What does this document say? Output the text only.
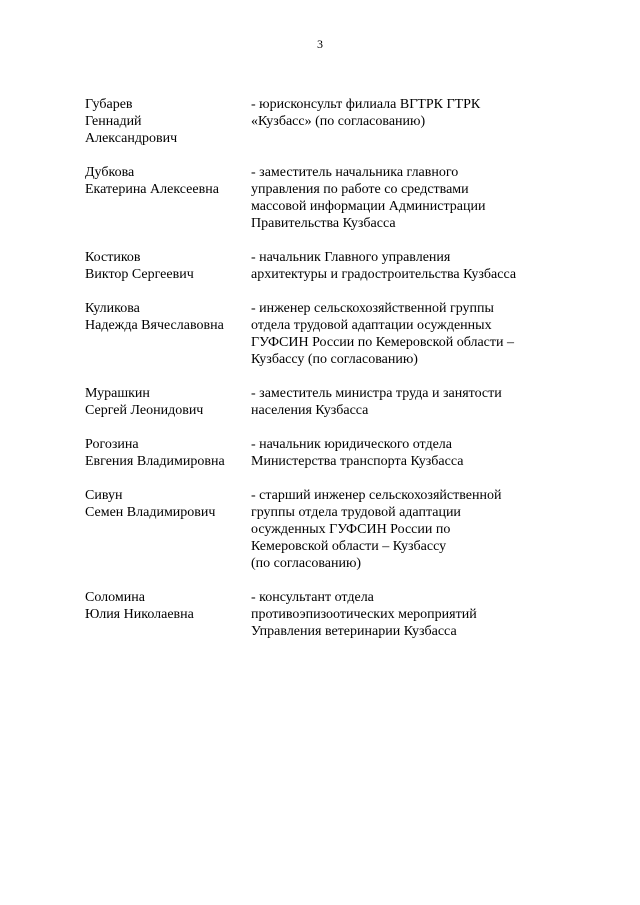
3
Губарев
Геннадий
Александрович
- юрисконсульт филиала ВГТРК ГТРК
«Кузбасс» (по согласованию)
Дубкова
Екатерина Алексеевна
- заместитель начальника главного
управления по работе со средствами
массовой информации Администрации
Правительства Кузбасса
Костиков
Виктор Сергеевич
- начальник Главного управления
архитектуры и градостроительства Кузбасса
Куликова
Надежда Вячеславовна
- инженер сельскохозяйственной группы
отдела трудовой адаптации осужденных
ГУФСИН России по Кемеровской области –
Кузбассу (по согласованию)
Мурашкин
Сергей Леонидович
- заместитель министра труда и занятости
населения Кузбасса
Рогозина
Евгения Владимировна
- начальник юридического отдела
Министерства транспорта Кузбасса
Сивун
Семен Владимирович
- старший инженер сельскохозяйственной
группы отдела трудовой адаптации
осужденных ГУФСИН России по
Кемеровской области – Кузбассу
(по согласованию)
Соломина
Юлия Николаевна
- консультант отдела
противоэпизоотических мероприятий
Управления ветеринарии Кузбасса
